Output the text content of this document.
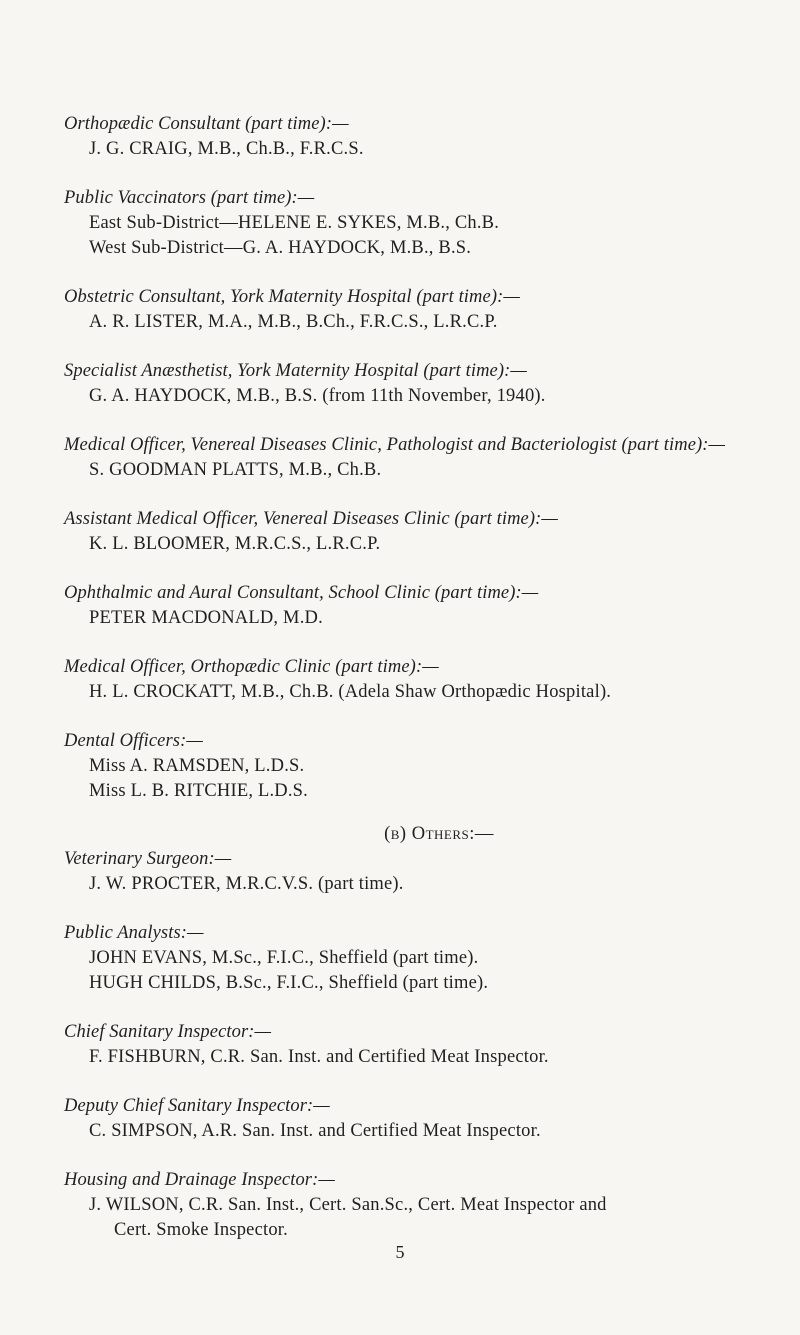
Orthopædic Consultant (part time):—
J. G. CRAIG, M.B., Ch.B., F.R.C.S.
Public Vaccinators (part time):—
East Sub-District—HELENE E. SYKES, M.B., Ch.B.
West Sub-District—G. A. HAYDOCK, M.B., B.S.
Obstetric Consultant, York Maternity Hospital (part time):—
A. R. LISTER, M.A., M.B., B.Ch., F.R.C.S., L.R.C.P.
Specialist Anæsthetist, York Maternity Hospital (part time):—
G. A. HAYDOCK, M.B., B.S. (from 11th November, 1940).
Medical Officer, Venereal Diseases Clinic, Pathologist and Bacteriologist (part time):—
S. GOODMAN PLATTS, M.B., Ch.B.
Assistant Medical Officer, Venereal Diseases Clinic (part time):—
K. L. BLOOMER, M.R.C.S., L.R.C.P.
Ophthalmic and Aural Consultant, School Clinic (part time):—
PETER MACDONALD, M.D.
Medical Officer, Orthopædic Clinic (part time):—
H. L. CROCKATT, M.B., Ch.B. (Adela Shaw Orthopædic Hospital).
Dental Officers:—
Miss A. RAMSDEN, L.D.S.
Miss L. B. RITCHIE, L.D.S.
(b) Others:—
Veterinary Surgeon:—
J. W. PROCTER, M.R.C.V.S. (part time).
Public Analysts:—
JOHN EVANS, M.Sc., F.I.C., Sheffield (part time).
HUGH CHILDS, B.Sc., F.I.C., Sheffield (part time).
Chief Sanitary Inspector:—
F. FISHBURN, C.R. San. Inst. and Certified Meat Inspector.
Deputy Chief Sanitary Inspector:—
C. SIMPSON, A.R. San. Inst. and Certified Meat Inspector.
Housing and Drainage Inspector:—
J. WILSON, C.R. San. Inst., Cert. San.Sc., Cert. Meat Inspector and
Cert. Smoke Inspector.
5
